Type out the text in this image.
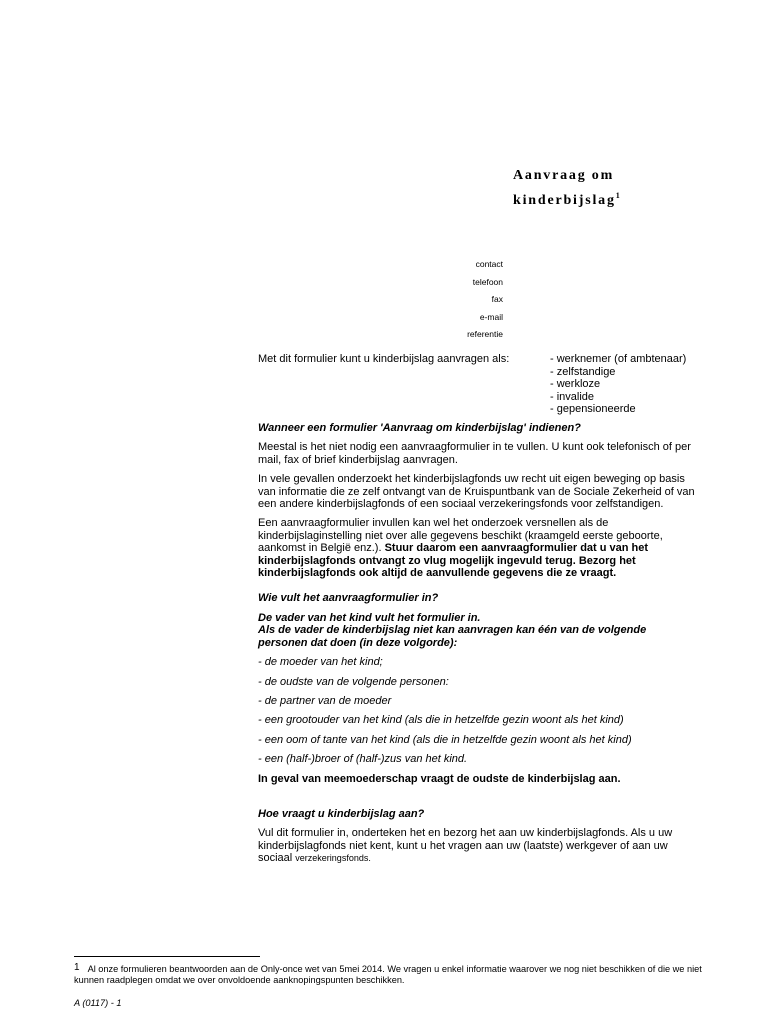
Aanvraag om
kinderbijslag$^1$
contact
telefoon
fax
e-mail
referentie
Met dit formulier kunt u kinderbijslag aanvragen als:	- werknemer (of ambtenaar)
- zelfstandige
- werkloze
- invalide
- gepensioneerde

Wanneer een formulier 'Aanvraag om kinderbijslag' indienen?

Meestal is het niet nodig een aanvraagformulier in te vullen. U kunt ook telefonisch of per mail, fax of brief kinderbijslag aanvragen.

In vele gevallen onderzoekt het kinderbijslagfonds uw recht uit eigen beweging op basis van informatie die ze zelf ontvangt van de Kruispuntbank van de Sociale Zekerheid of van een andere kinderbijslagfonds of een sociaal verzekeringsfonds voor zelfstandigen.

Een aanvraagformulier invullen kan wel het onderzoek versnellen als de kinderbijslaginstelling niet over alle gegevens beschikt (kraamgeld eerste geboorte, aankomst in België enz.). Stuur daarom een aanvraagformulier dat u van het kinderbijslagfonds ontvangt zo vlug mogelijk ingevuld terug. Bezorg het kinderbijslagfonds ook altijd de aanvullende gegevens die ze vraagt.

Wie vult het aanvraagformulier in?

De vader van het kind vult het formulier in.

Als de vader de kinderbijslag niet kan aanvragen kan één van de volgende personen dat doen (in deze volgorde):

- de moeder van het kind;

- de oudste van de volgende personen:

- de partner van de moeder

- een grootouder van het kind (als die in hetzelfde gezin woont als het kind)

- een oom of tante van het kind (als die in hetzelfde gezin woont als het kind)

- een (half-)broer of (half-)zus van het kind.

In geval van meemoederschap vraagt de oudste de kinderbijslag aan.

Hoe vraagt u kinderbijslag aan?

Vul dit formulier in, onderteken het en bezorg het aan uw kinderbijslagfonds. Als u uw kinderbijslagfonds niet kent, kunt u het vragen aan uw (laatste) werkgever of aan uw sociaal verzekeringsfonds.

$^1$ Al onze formulieren beantwoorden aan de Only-once wet van 5mei 2014. We vragen u enkel informatie waarover we nog niet beschikken of die we niet kunnen raadplegen omdat we over onvoldoende aanknopingspunten beschikken.
A (0117) - 1
